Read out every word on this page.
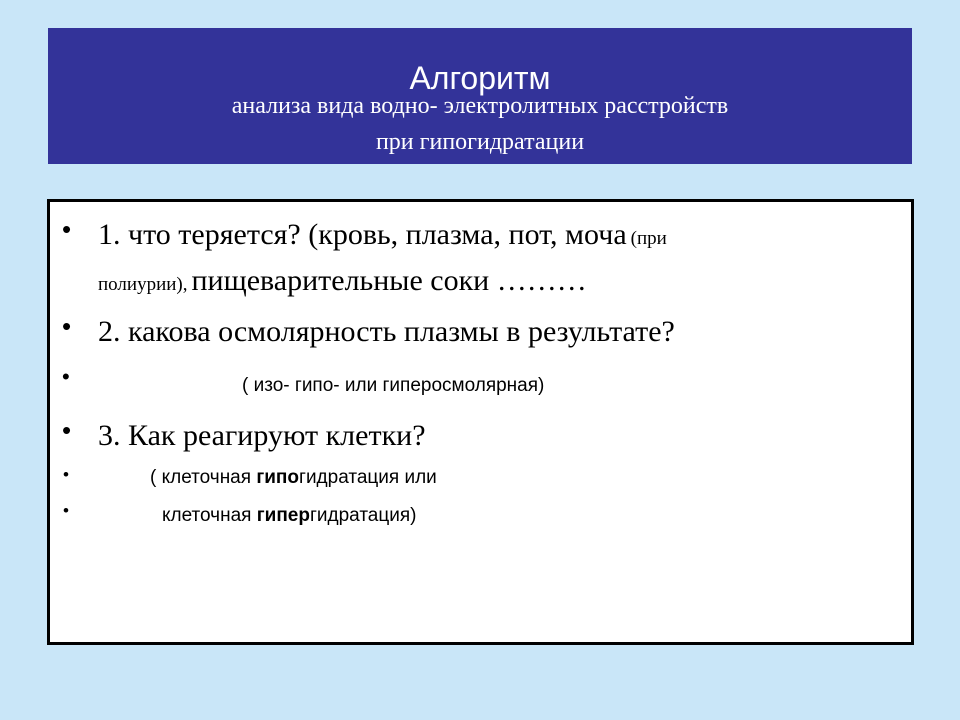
Алгоритм
анализа вида водно- электролитных расстройств
при гипогидратации
• 1. что теряется? (кровь, плазма, пот, моча (при
полиурии), пищеварительные соки ………
• 2. какова осмолярность плазмы в результате?
•	( изо- гипо- или гиперосмолярная)
• 3. Как реагируют клетки?
•	( клеточная гипогидратация или
•	клеточная гипергидратация)
